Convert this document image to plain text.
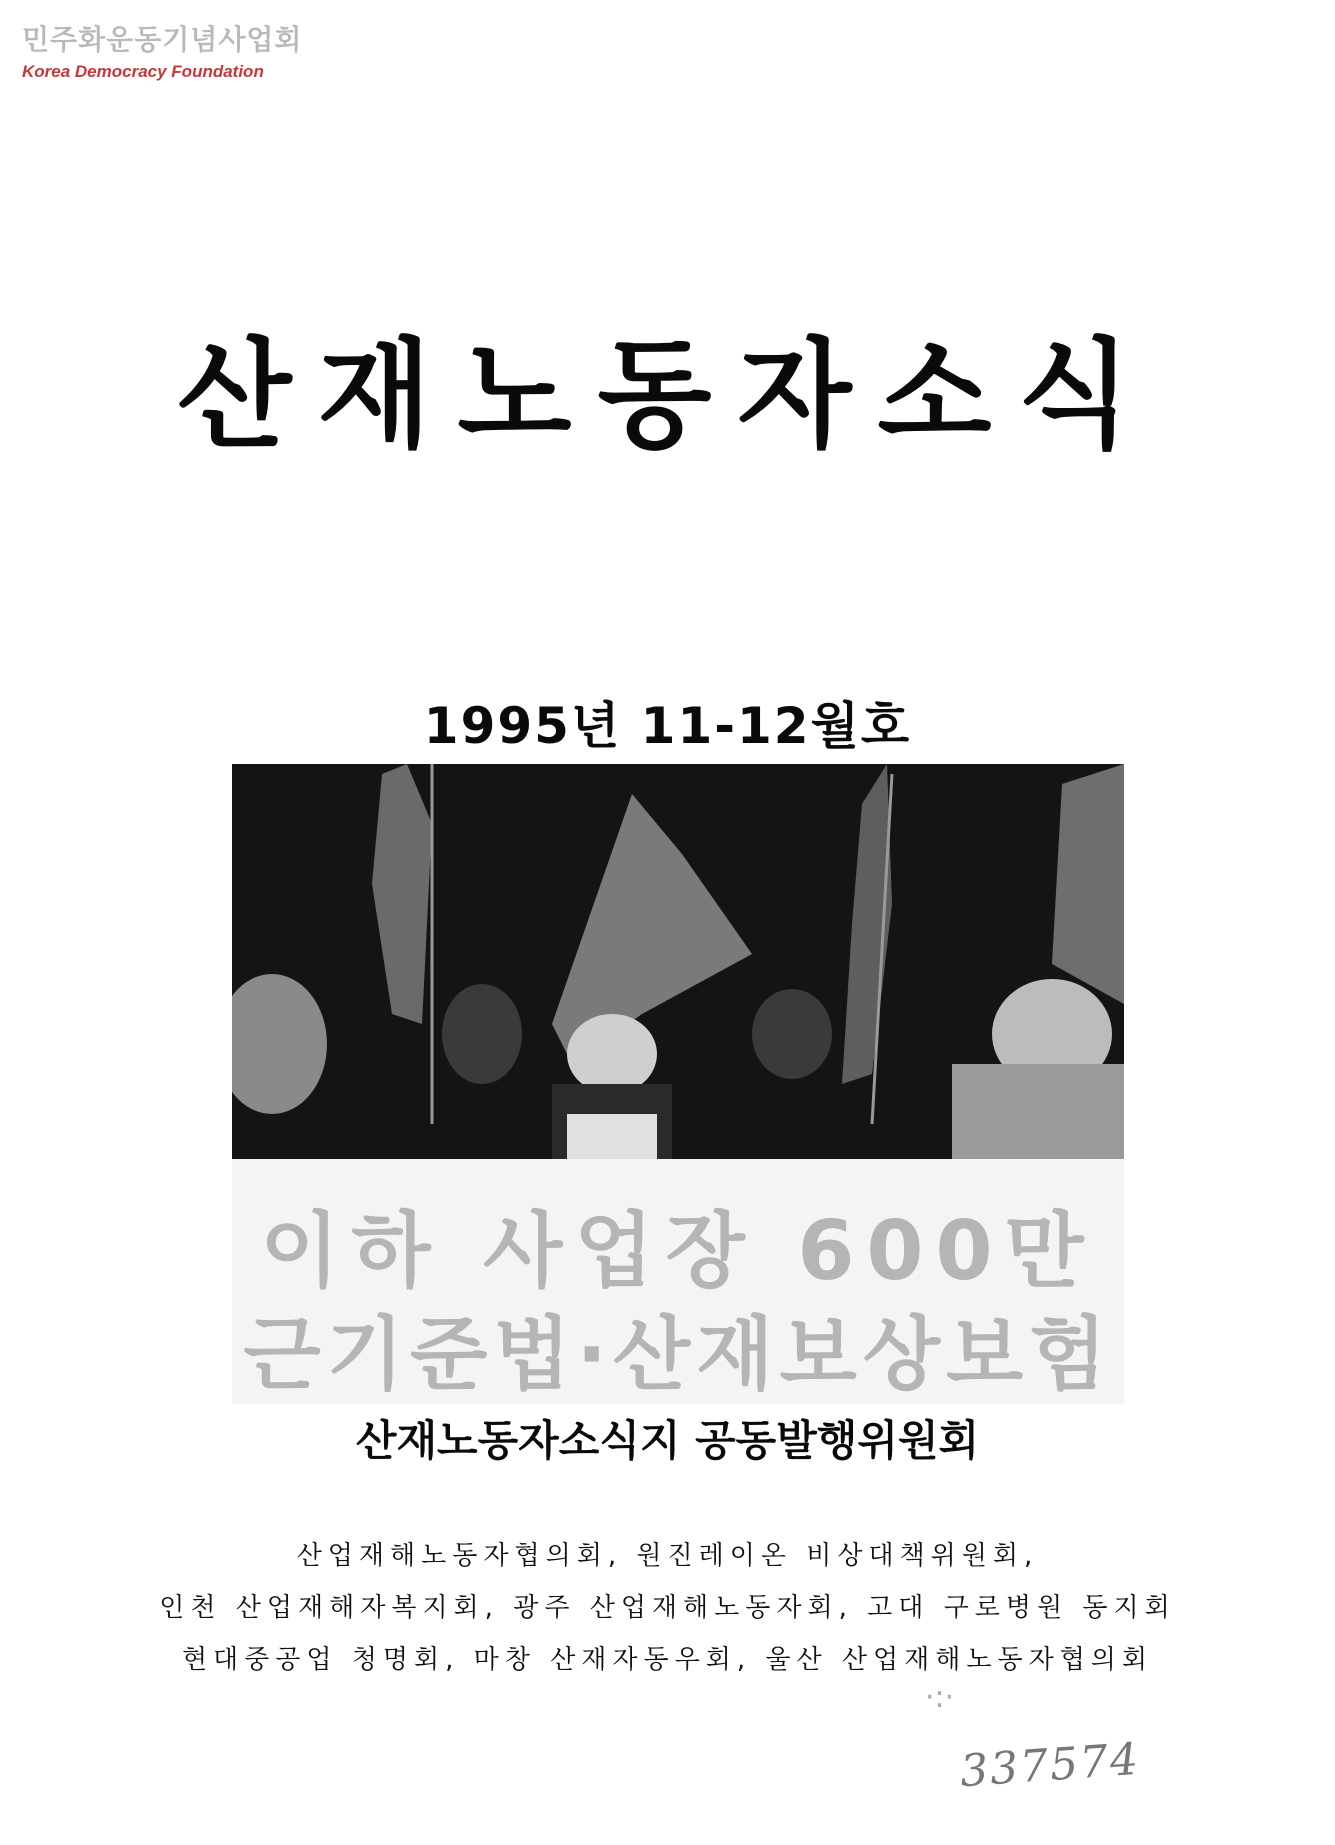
민주화운동기념사업회
Korea Democracy Foundation
산재노동자소식
1995년 11-12월호
이하 사업장 600만
근기준법·산재보상보험
산재노동자소식지 공동발행위원회
산업재해노동자협의회, 원진레이온 비상대책위원회,
인천 산업재해자복지회, 광주 산업재해노동자회, 고대 구로병원 동지회
현대중공업 청명회, 마창 산재자동우회, 울산 산업재해노동자협의회
·:·
337574
